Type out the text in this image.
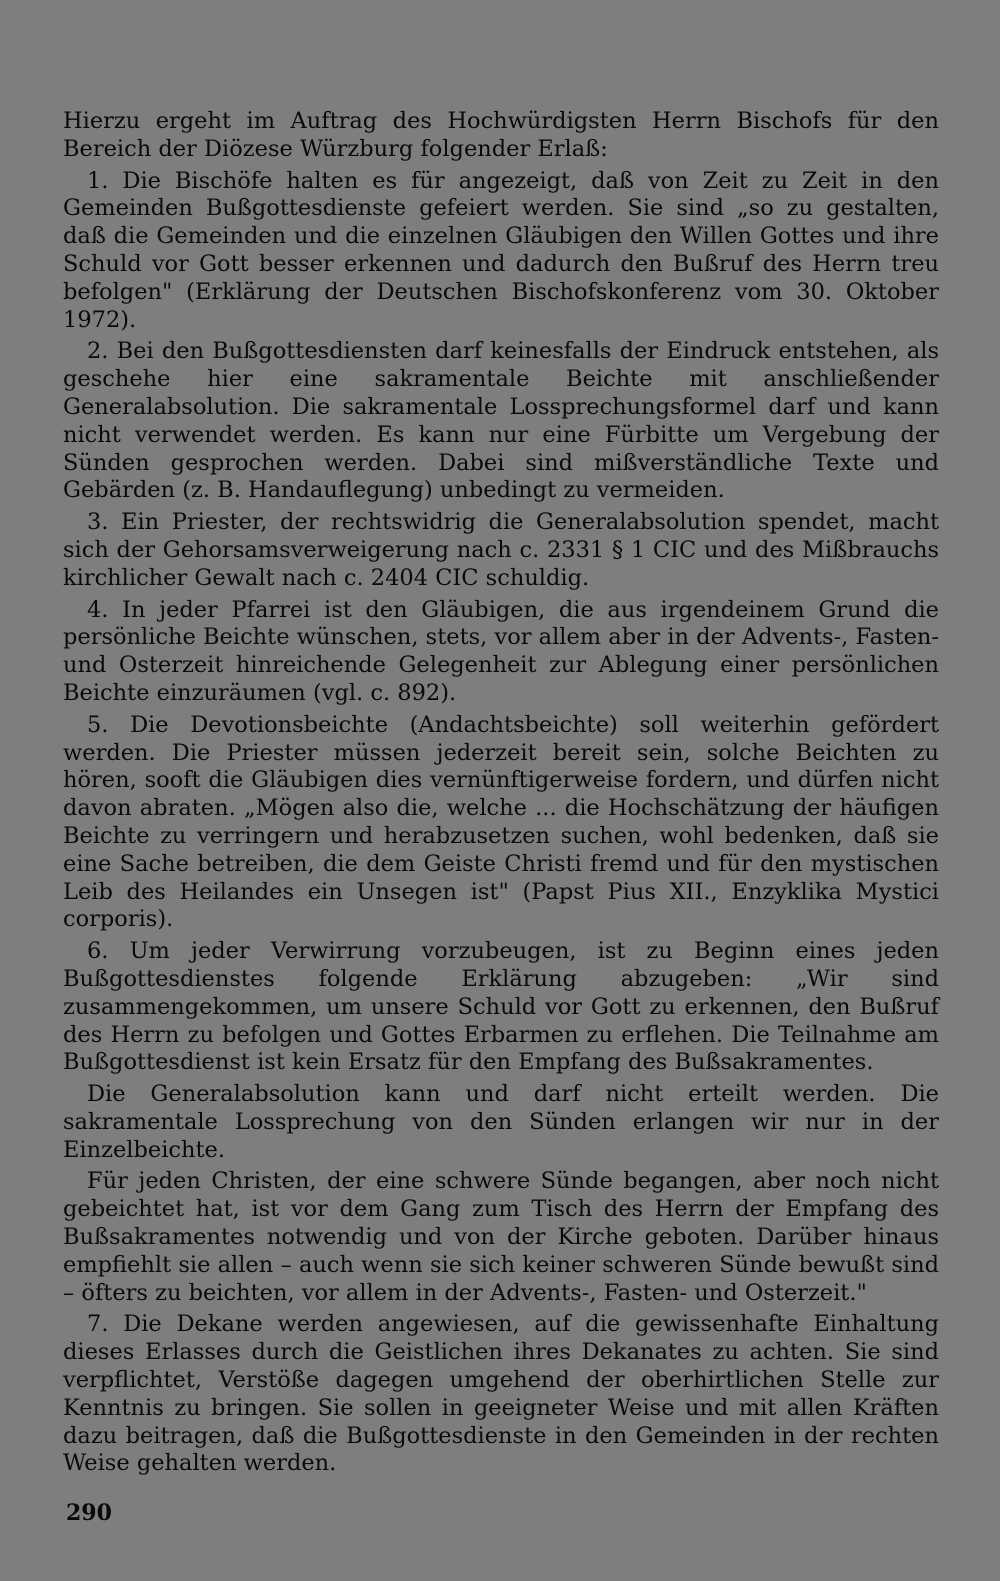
Hierzu ergeht im Auftrag des Hochwürdigsten Herrn Bischofs für den Bereich der Diözese Würzburg folgender Erlaß:

1. Die Bischöfe halten es für angezeigt, daß von Zeit zu Zeit in den Gemeinden Bußgottesdienste gefeiert werden. Sie sind „so zu gestalten, daß die Gemeinden und die einzelnen Gläubigen den Willen Gottes und ihre Schuld vor Gott besser erkennen und dadurch den Bußruf des Herrn treu befolgen" (Erklärung der Deutschen Bischofskonferenz vom 30. Oktober 1972).

2. Bei den Bußgottesdiensten darf keinesfalls der Eindruck entstehen, als geschehe hier eine sakramentale Beichte mit anschließender Generalabsolution. Die sakramentale Lossprechungsformel darf und kann nicht verwendet werden. Es kann nur eine Fürbitte um Vergebung der Sünden gesprochen werden. Dabei sind mißverständliche Texte und Gebärden (z. B. Handauflegung) unbedingt zu vermeiden.

3. Ein Priester, der rechtswidrig die Generalabsolution spendet, macht sich der Gehorsamsverweigerung nach c. 2331 § 1 CIC und des Mißbrauchs kirchlicher Gewalt nach c. 2404 CIC schuldig.

4. In jeder Pfarrei ist den Gläubigen, die aus irgendeinem Grund die persönliche Beichte wünschen, stets, vor allem aber in der Advents-, Fasten- und Osterzeit hinreichende Gelegenheit zur Ablegung einer persönlichen Beichte einzuräumen (vgl. c. 892).

5. Die Devotionsbeichte (Andachtsbeichte) soll weiterhin gefördert werden. Die Priester müssen jederzeit bereit sein, solche Beichten zu hören, sooft die Gläubigen dies vernünftigerweise fordern, und dürfen nicht davon abraten. „Mögen also die, welche ... die Hochschätzung der häufigen Beichte zu verringern und herabzusetzen suchen, wohl bedenken, daß sie eine Sache betreiben, die dem Geiste Christi fremd und für den mystischen Leib des Heilandes ein Unsegen ist" (Papst Pius XII., Enzyklika Mystici corporis).

6. Um jeder Verwirrung vorzubeugen, ist zu Beginn eines jeden Bußgottesdienstes folgende Erklärung abzugeben: „Wir sind zusammengekommen, um unsere Schuld vor Gott zu erkennen, den Bußruf des Herrn zu befolgen und Gottes Erbarmen zu erflehen. Die Teilnahme am Bußgottesdienst ist kein Ersatz für den Empfang des Bußsakramentes.

Die Generalabsolution kann und darf nicht erteilt werden. Die sakramentale Lossprechung von den Sünden erlangen wir nur in der Einzelbeichte.

Für jeden Christen, der eine schwere Sünde begangen, aber noch nicht gebeichtet hat, ist vor dem Gang zum Tisch des Herrn der Empfang des Bußsakramentes notwendig und von der Kirche geboten. Darüber hinaus empfiehlt sie allen – auch wenn sie sich keiner schweren Sünde bewußt sind – öfters zu beichten, vor allem in der Advents-, Fasten- und Osterzeit."

7. Die Dekane werden angewiesen, auf die gewissenhafte Einhaltung dieses Erlasses durch die Geistlichen ihres Dekanates zu achten. Sie sind verpflichtet, Verstöße dagegen umgehend der oberhirtlichen Stelle zur Kenntnis zu bringen. Sie sollen in geeigneter Weise und mit allen Kräften dazu beitragen, daß die Bußgottesdienste in den Gemeinden in der rechten Weise gehalten werden.

290
